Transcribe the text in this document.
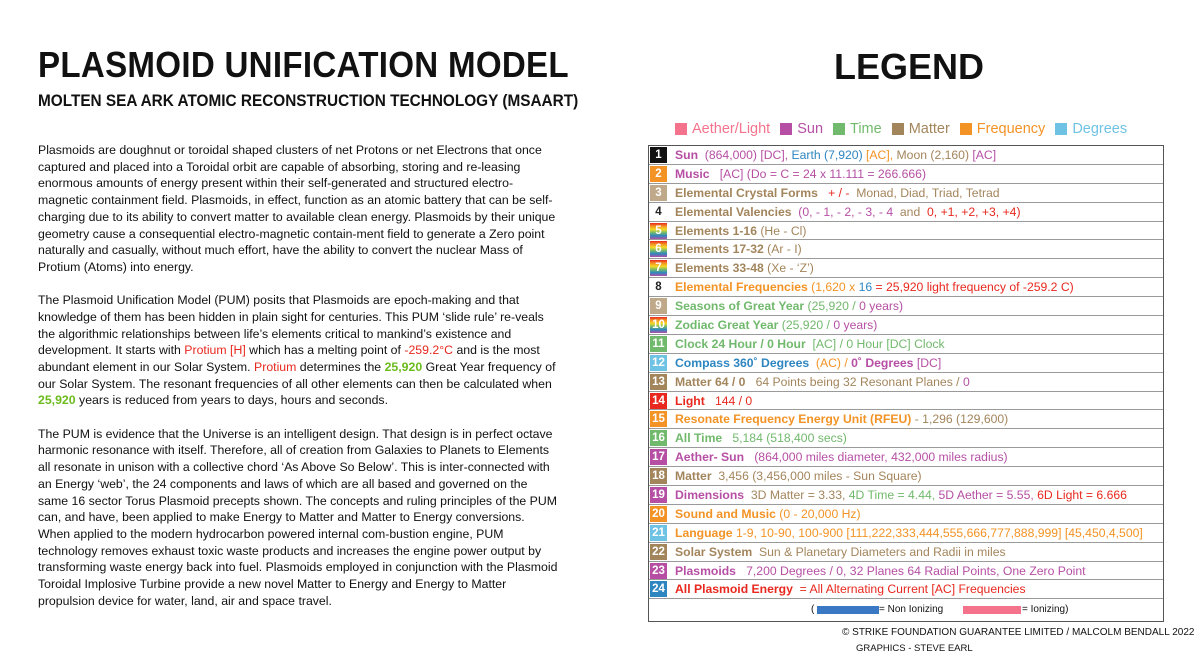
PLASMOID UNIFICATION MODEL
MOLTEN SEA ARK ATOMIC RECONSTRUCTION TECHNOLOGY (MSAART)
LEGEND

Plasmoids are doughnut or toroidal shaped clusters of net Protons or net Electrons that once captured and placed into a Toroidal orbit are capable of absorbing, storing and re-leasing enormous amounts of energy present within their self-generated and structured electro-magnetic containment field. Plasmoids, in effect, function as an atomic battery that can be self-charging due to its ability to convert matter to available clean energy. Plasmoids by their unique geometry cause a consequential electro-magnetic contain-ment field to generate a Zero point naturally and casually, without much effort, have the ability to convert the nuclear Mass of Protium (Atoms) into energy.

The Plasmoid Unification Model (PUM) posits that Plasmoids are epoch-making and that knowledge of them has been hidden in plain sight for centuries. This PUM ‘slide rule’ re-veals the algorithmic relationships between life’s elements critical to mankind’s existence and development. It starts with Protium [H] which has a melting point of -259.2°C and is the most abundant element in our Solar System. Protium determines the 25,920 Great Year frequency of our Solar System. The resonant frequencies of all other elements can then be calculated when 25,920 years is reduced from years to days, hours and seconds.

The PUM is evidence that the Universe is an intelligent design. That design is in perfect octave harmonic resonance with itself. Therefore, all of creation from Galaxies to Planets to Elements all resonate in unison with a collective chord ‘As Above So Below’. This is inter-connected with an Energy ‘web’, the 24 components and laws of which are all based and governed on the same 16 sector Torus Plasmoid precepts shown. The concepts and ruling principles of the PUM can, and have, been applied to make Energy to Matter and Matter to Energy conversions. When applied to the modern hydrocarbon powered internal com-bustion engine, PUM technology removes exhaust toxic waste products and increases the engine power output by transforming waste energy back into fuel. Plasmoids employed in conjunction with the Plasmoid Toroidal Implosive Turbine provide a new novel Matter to Energy and Energy to Matter propulsion device for water, land, air and space travel.

Aether/Light Sun Time Matter Frequency Degrees
1	Sun  (864,000) [DC], Earth (7,920) [AC], Moon (2,160) [AC]
2	Music   [AC] (Do = C = 24 x 11.111 = 266.666)
3	Elemental Crystal Forms   + / -  Monad, Diad, Triad, Tetrad
4	Elemental Valencies  (0, - 1, - 2, - 3, - 4  and  0, +1, +2, +3, +4)
5	Elements 1-16 (He - Cl)
6	Elements 17-32 (Ar - I)
7	Elements 33-48 (Xe - ‘Z’)
8	Elemental Frequencies (1,620 x 16 = 25,920 light frequency of -259.2 C)
9	Seasons of Great Year (25,920 / 0 years)
10 Zodiac Great Year (25,920 / 0 years)
11 Clock 24 Hour / 0 Hour  [AC] / 0 Hour [DC] Clock
12 Compass 360˚ Degrees  (AC) / 0˚ Degrees [DC]
13 Matter 64 / 0   64 Points being 32 Resonant Planes / 0
14 Light   144 / 0
15 Resonate Frequency Energy Unit (RFEU) - 1,296 (129,600)
16 All Time   5,184 (518,400 secs)
17 Aether- Sun   (864,000 miles diameter, 432,000 miles radius)
18 Matter  3,456 (3,456,000 miles - Sun Square)
19 Dimensions  3D Matter = 3.33, 4D Time = 4.44, 5D Aether = 5.55, 6D Light = 6.666
20 Sound and Music (0 - 20,000 Hz)
21 Language 1-9, 10-90, 100-900 [111,222,333,444,555,666,777,888,999] [45,450,4,500]
22 Solar System  Sun & Planetary Diameters and Radii in miles
23 Plasmoids   7,200 Degrees / 0, 32 Planes 64 Radial Points, One Zero Point
24 All Plasmoid Energy  = All Alternating Current [AC] Frequencies
(	= Non Ionizing	= Ionizing)
© STRIKE FOUNDATION GUARANTEE LIMITED / MALCOLM BENDALL 2022
GRAPHICS - STEVE EARL
